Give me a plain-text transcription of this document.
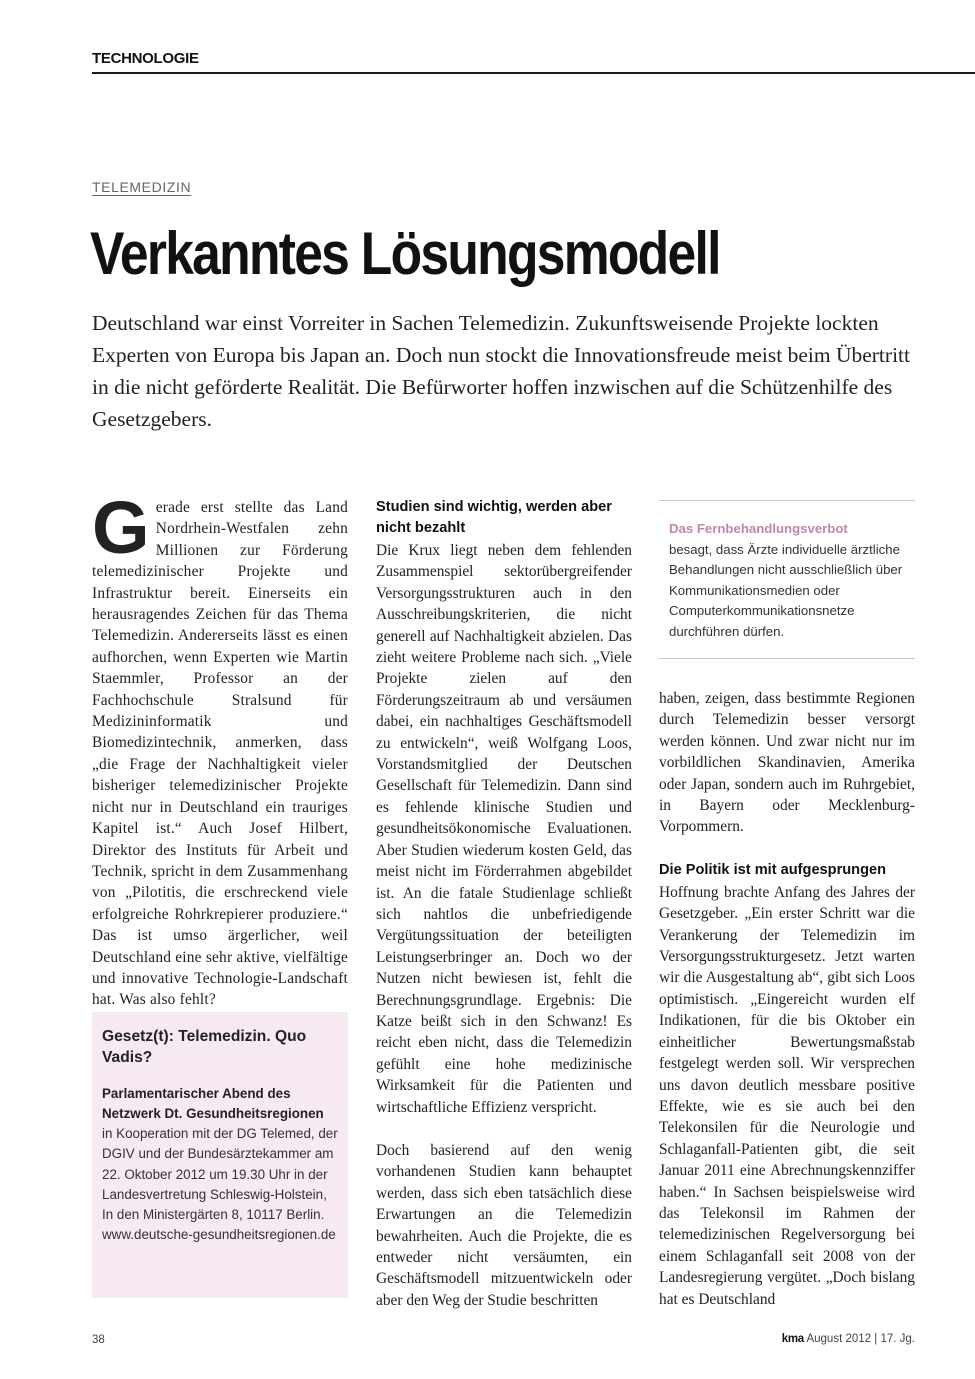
TECHNOLOGIE
TELEMEDIZIN
Verkanntes Lösungsmodell

Deutschland war einst Vorreiter in Sachen Telemedizin. Zukunftsweisende Projekte lockten Experten von Europa bis Japan an. Doch nun stockt die Innovationsfreude meist beim Übertritt in die nicht geförderte Realität. Die Befürworter hoffen inzwischen auf die Schützenhilfe des Gesetzgebers.

Gerade erst stellte das Land Nordrhein-Westfalen zehn Millionen zur Förderung telemedizinischer Projekte und Infrastruktur bereit. Einerseits ein herausragendes Zeichen für das Thema Telemedizin. Andererseits lässt es einen aufhorchen, wenn Experten wie Martin Staemmler, Professor an der Fachhochschule Stralsund für Medizininformatik und Biomedizintechnik, anmerken, dass „die Frage der Nachhaltigkeit vieler bisheriger telemedizinischer Projekte nicht nur in Deutschland ein trauriges Kapitel ist.“ Auch Josef Hilbert, Direktor des Instituts für Arbeit und Technik, spricht in dem Zusammenhang von „Pilotitis, die erschreckend viele erfolgreiche Rohrkrepierer produziere.“ Das ist umso ärgerlicher, weil Deutschland eine sehr aktive, vielfältige und innovative Technologie-Landschaft hat. Was also fehlt?

Gesetz(t): Telemedizin. Quo Vadis?
Parlamentarischer Abend des Netzwerk Dt. Gesundheitsregionen
in Kooperation mit der DG Telemed, der DGIV und der Bundesärztekammer am 22. Oktober 2012 um 19.30 Uhr in der Landesvertretung Schleswig-Holstein, In den Ministergärten 8, 10117 Berlin.
www.deutsche-gesundheitsregionen.de
Studien sind wichtig, werden aber nicht bezahlt

Die Krux liegt neben dem fehlenden Zusammenspiel sektorübergreifender Versorgungsstrukturen auch in den Ausschreibungskriterien, die nicht generell auf Nachhaltigkeit abzielen. Das zieht weitere Probleme nach sich. „Viele Projekte zielen auf den Förderungszeitraum ab und versäumen dabei, ein nachhaltiges Geschäftsmodell zu entwickeln“, weiß Wolfgang Loos, Vorstandsmitglied der Deutschen Gesellschaft für Telemedizin. Dann sind es fehlende klinische Studien und gesundheitsökonomische Evaluationen. Aber Studien wiederum kosten Geld, das meist nicht im Förderrahmen abgebildet ist. An die fatale Studienlage schließt sich nahtlos die unbefriedigende Vergütungssituation der beteiligten Leistungserbringer an. Doch wo der Nutzen nicht bewiesen ist, fehlt die Berechnungsgrundlage. Ergebnis: Die Katze beißt sich in den Schwanz! Es reicht eben nicht, dass die Telemedizin gefühlt eine hohe medizinische Wirksamkeit für die Patienten und wirtschaftliche Effizienz verspricht.

Doch basierend auf den wenig vorhandenen Studien kann behauptet werden, dass sich eben tatsächlich diese Erwartungen an die Telemedizin bewahrheiten. Auch die Projekte, die es entweder nicht versäumten, ein Geschäftsmodell mitzuentwickeln oder aber den Weg der Studie beschritten

Das Fernbehandlungsverbot
besagt, dass Ärzte individuelle ärztliche Behandlungen nicht ausschließlich über Kommunikationsmedien oder Computerkommunikationsnetze durchführen dürfen.

haben, zeigen, dass bestimmte Regionen durch Telemedizin besser versorgt werden können. Und zwar nicht nur im vorbildlichen Skandinavien, Amerika oder Japan, sondern auch im Ruhrgebiet, in Bayern oder Mecklenburg-Vorpommern.

Die Politik ist mit aufgesprungen

Hoffnung brachte Anfang des Jahres der Gesetzgeber. „Ein erster Schritt war die Verankerung der Telemedizin im Versorgungsstrukturgesetz. Jetzt warten wir die Ausgestaltung ab“, gibt sich Loos optimistisch. „Eingereicht wurden elf Indikationen, für die bis Oktober ein einheitlicher Bewertungsmaßstab festgelegt werden soll. Wir versprechen uns davon deutlich messbare positive Effekte, wie es sie auch bei den Telekonsilen für die Neurologie und Schlaganfall-Patienten gibt, die seit Januar 2011 eine Abrechnungskennziffer haben.“ In Sachsen beispielsweise wird das Telekonsil im Rahmen der telemedizinischen Regelversorgung bei einem Schlaganfall seit 2008 von der Landesregierung vergütet. „Doch bislang hat es Deutschland

38	kma August 2012 | 17. Jg.
